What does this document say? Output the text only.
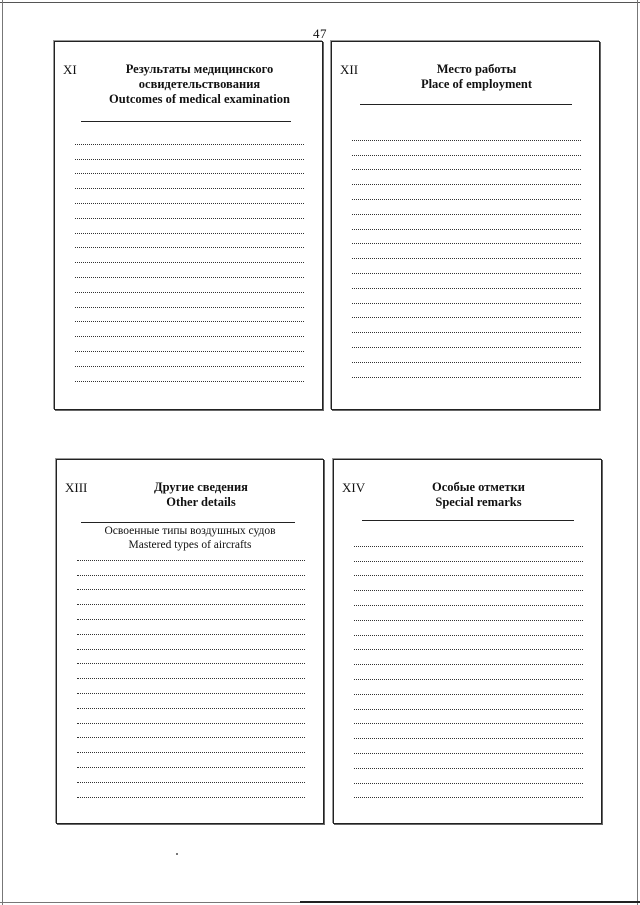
47
XI	Результаты медицинского
освидетельствования
Outcomes of medical examination
XII	Место работы
Place of employment
XIII	Другие сведения
Other details
Освоенные типы воздушных судов
Mastered types of aircrafts
XIV	Особые отметки
Special remarks
